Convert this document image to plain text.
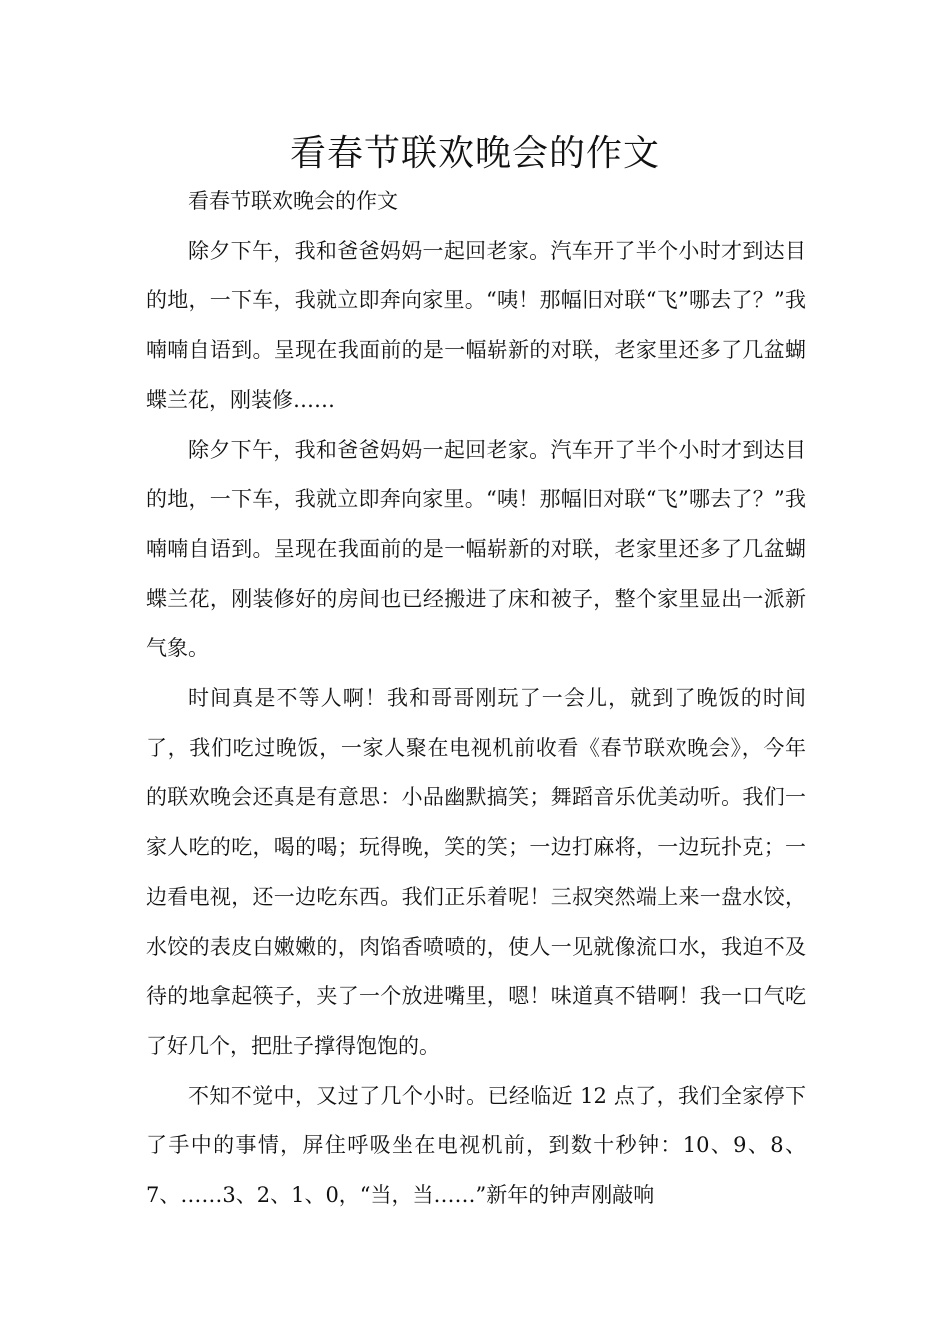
看春节联欢晚会的作文

看春节联欢晚会的作文

除夕下午，我和爸爸妈妈一起回老家。汽车开了半个小时才到达目的地，一下车，我就立即奔向家里。“咦！那幅旧对联“飞”哪去了？”我喃喃自语到。呈现在我面前的是一幅崭新的对联，老家里还多了几盆蝴蝶兰花，刚装修……

除夕下午，我和爸爸妈妈一起回老家。汽车开了半个小时才到达目的地，一下车，我就立即奔向家里。“咦！那幅旧对联“飞”哪去了？”我喃喃自语到。呈现在我面前的是一幅崭新的对联，老家里还多了几盆蝴蝶兰花，刚装修好的房间也已经搬进了床和被子，整个家里显出一派新气象。

时间真是不等人啊！我和哥哥刚玩了一会儿，就到了晚饭的时间了，我们吃过晚饭，一家人聚在电视机前收看《春节联欢晚会》，今年的联欢晚会还真是有意思：小品幽默搞笑；舞蹈音乐优美动听。我们一家人吃的吃，喝的喝；玩得晚，笑的笑；一边打麻将，一边玩扑克；一边看电视，还一边吃东西。我们正乐着呢！三叔突然端上来一盘水饺，水饺的表皮白嫩嫩的，肉馅香喷喷的，使人一见就像流口水，我迫不及待的地拿起筷子，夹了一个放进嘴里，嗯！味道真不错啊！我一口气吃了好几个，把肚子撑得饱饱的。

不知不觉中，又过了几个小时。已经临近 12 点了，我们全家停下了手中的事情，屏住呼吸坐在电视机前，到数十秒钟：10、9、8、7、……3、2、1、0，“当，当……”新年的钟声刚敲响
